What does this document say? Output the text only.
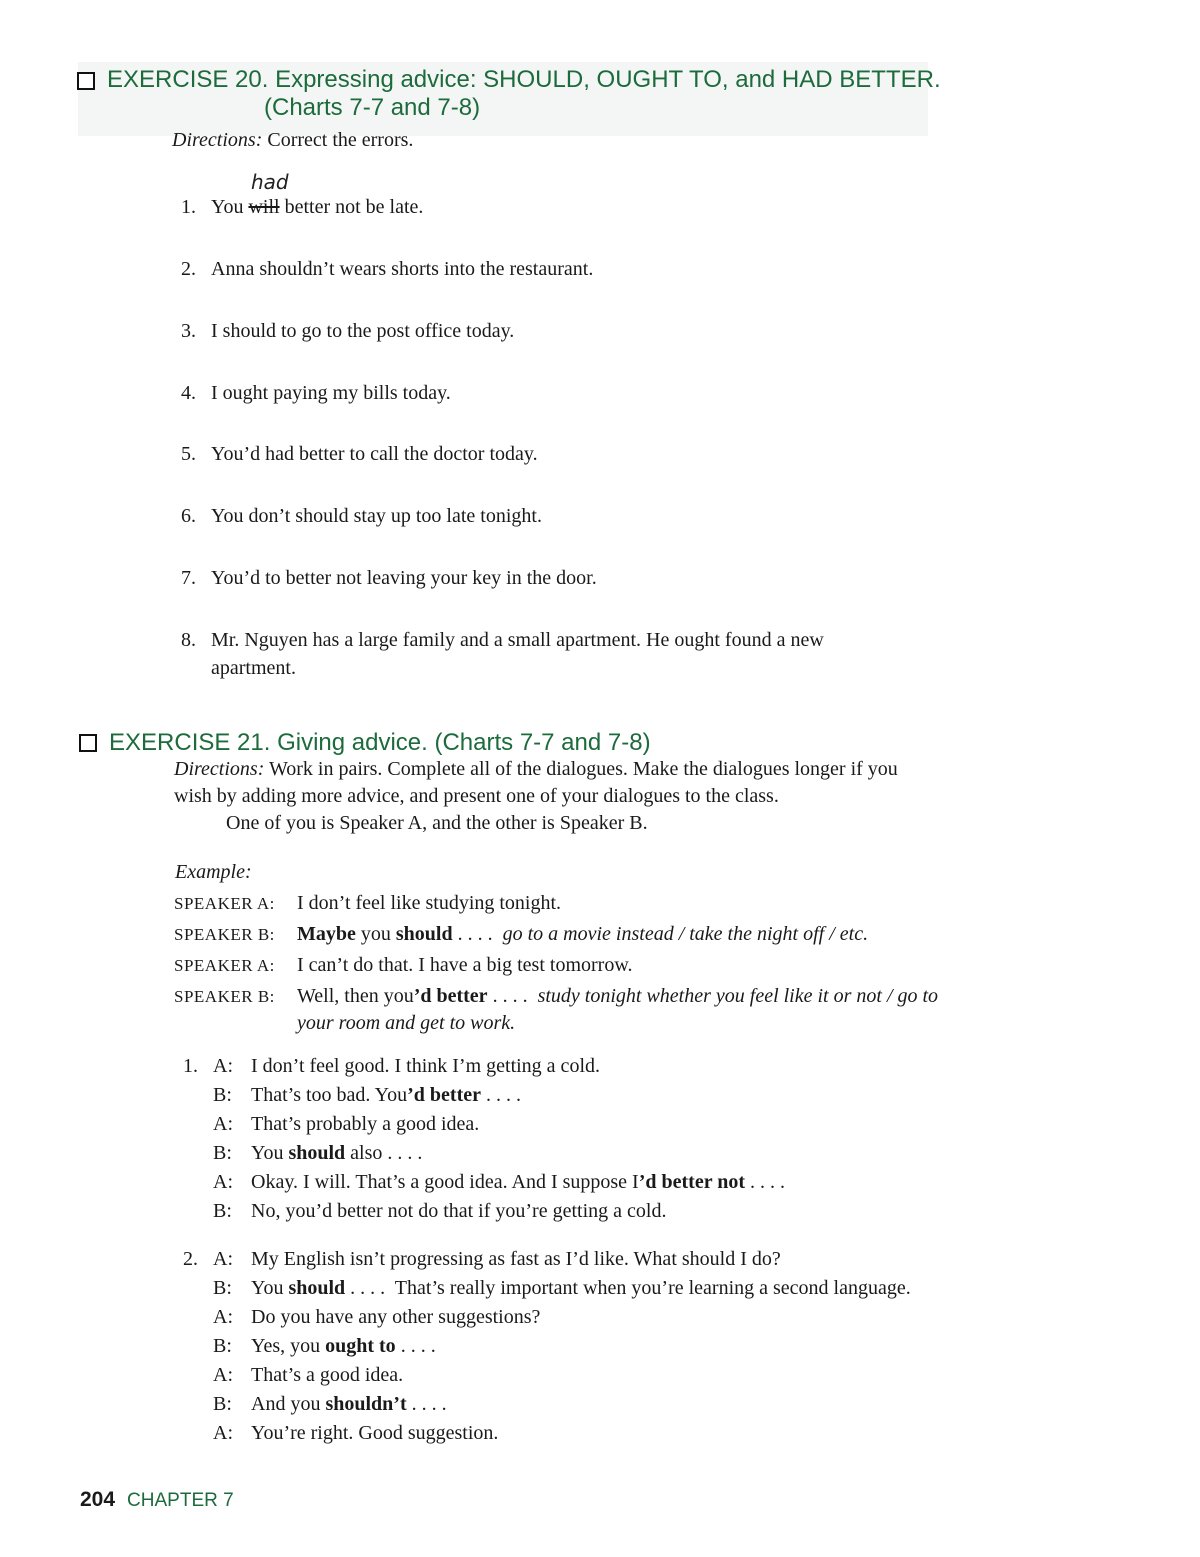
EXERCISE 20. Expressing advice: SHOULD, OUGHT TO, and HAD BETTER.
(Charts 7-7 and 7-8)
Directions: Correct the errors.
had
1. You will better not be late.
2. Anna shouldn’t wears shorts into the restaurant.
3. I should to go to the post office today.
4. I ought paying my bills today.
5. You’d had better to call the doctor today.
6. You don’t should stay up too late tonight.
7. You’d to better not leaving your key in the door.
8. Mr. Nguyen has a large family and a small apartment. He ought found a new
apartment.
EXERCISE 21. Giving advice. (Charts 7-7 and 7-8)
Directions: Work in pairs. Complete all of the dialogues. Make the dialogues longer if you
wish by adding more advice, and present one of your dialogues to the class.
One of you is Speaker A, and the other is Speaker B.
Example:
SPEAKER A: I don’t feel like studying tonight.
SPEAKER B: Maybe you should . . . .  go to a movie instead / take the night off / etc.
SPEAKER A: I can’t do that. I have a big test tomorrow.
SPEAKER B: Well, then you’d better . . . .  study tonight whether you feel like it or not / go to
your room and get to work.
1. A: I don’t feel good. I think I’m getting a cold.
B: That’s too bad. You’d better . . . .
A: That’s probably a good idea.
B: You should also . . . .
A: Okay. I will. That’s a good idea. And I suppose I’d better not . . . .
B: No, you’d better not do that if you’re getting a cold.
2. A: My English isn’t progressing as fast as I’d like. What should I do?
B: You should . . . .  That’s really important when you’re learning a second language.
A: Do you have any other suggestions?
B: Yes, you ought to . . . .
A: That’s a good idea.
B: And you shouldn’t . . . .
A: You’re right. Good suggestion.
204 CHAPTER 7
